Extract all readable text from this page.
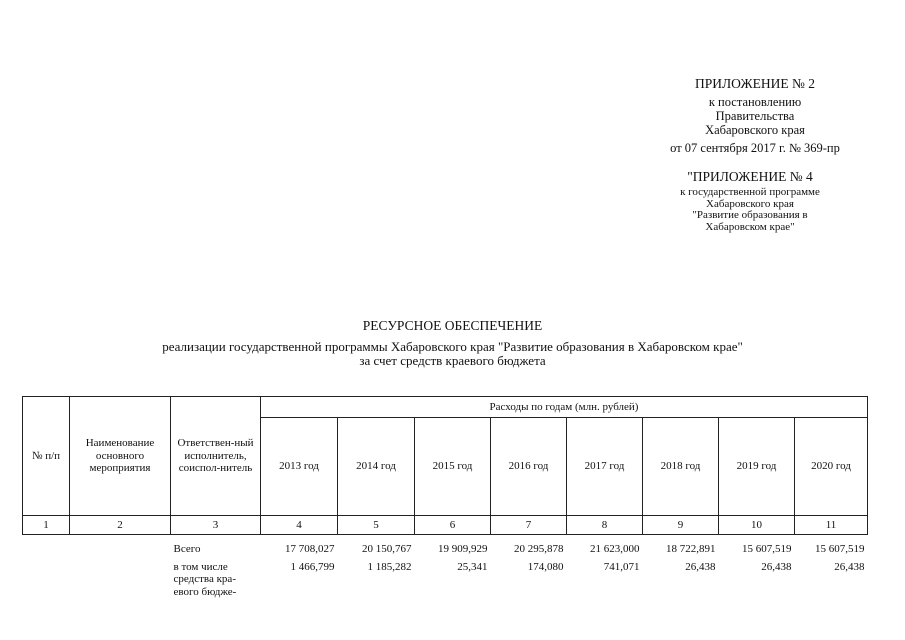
ПРИЛОЖЕНИЕ № 2
к постановлению
Правительства
Хабаровского края
от 07 сентября 2017 г. № 369-пр
"ПРИЛОЖЕНИЕ № 4
к государственной программе
Хабаровского края
"Развитие образования в
Хабаровском крае"
РЕСУРСНОЕ ОБЕСПЕЧЕНИЕ
реализации государственной программы Хабаровского края "Развитие образования в Хабаровском крае"
за счет средств краевого бюджета
№ п/п	Наименование основного мероприятия	Ответствен-ный исполнитель, соиспол-нитель	Расходы по годам (млн. рублей)							
			2013 год	2014 год	2015 год	2016 год	2017 год	2018 год	2019 год	2020 год
1	2	3	4	5	6	7	8	9	10	11
		Всего	17 708,027	20 150,767	19 909,929	20 295,878	21 623,000	18 722,891	15 607,519	15 607,519
		в том числе средства кра-евого бюдже-	1 466,799	1 185,282	25,341	174,080	741,071	26,438	26,438	26,438
